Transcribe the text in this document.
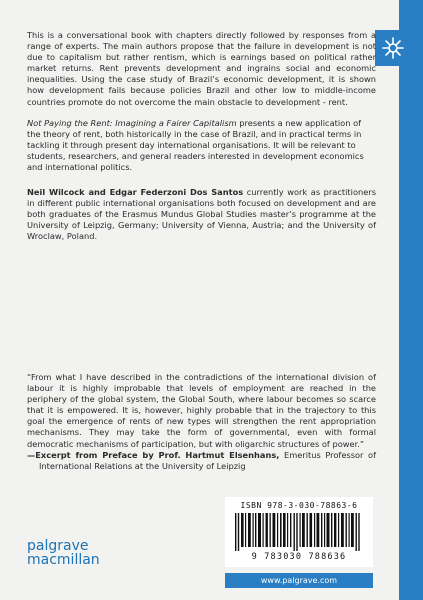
This is a conversational book with chapters directly followed by responses from a range of experts. The main authors propose that the failure in development is not due to capitalism but rather rentism, which is earnings based on political rather market returns. Rent prevents development and ingrains social and economic inequalities. Using the case study of Brazil’s economic development, it is shown how development fails because policies Brazil and other low to middle-income countries promote do not overcome the main obstacle to development - rent.

Not Paying the Rent: Imagining a Fairer Capitalism presents a new application of the theory of rent, both historically in the case of Brazil, and in practical terms in tackling it through present day international organisations. It will be relevant to students, researchers, and general readers interested in development economics and international politics.

Neil Wilcock and Edgar Federzoni Dos Santos currently work as practitioners in different public international organisations both focused on development and are both graduates of the Erasmus Mundus Global Studies master’s programme at the University of Leipzig, Germany; University of Vienna, Austria; and the University of Wroclaw, Poland.

“From what I have described in the contradictions of the international division of labour it is highly improbable that levels of employment are reached in the periphery of the global system, the Global South, where labour becomes so scarce that it is empowered. It is, however, highly probable that in the trajectory to this goal the emergence of rents of new types will strengthen the rent appropriation mechanisms. They may take the form of governmental, even with formal democratic mechanisms of participation, but with oligarchic structures of power.”

—Excerpt from Preface by Prof. Hartmut Elsenhans, Emeritus Professor of International Relations at the University of Leipzig

ISBN 978-3-030-78863-6
9 783030 788636
palgrave
macmillan
www.palgrave.com
